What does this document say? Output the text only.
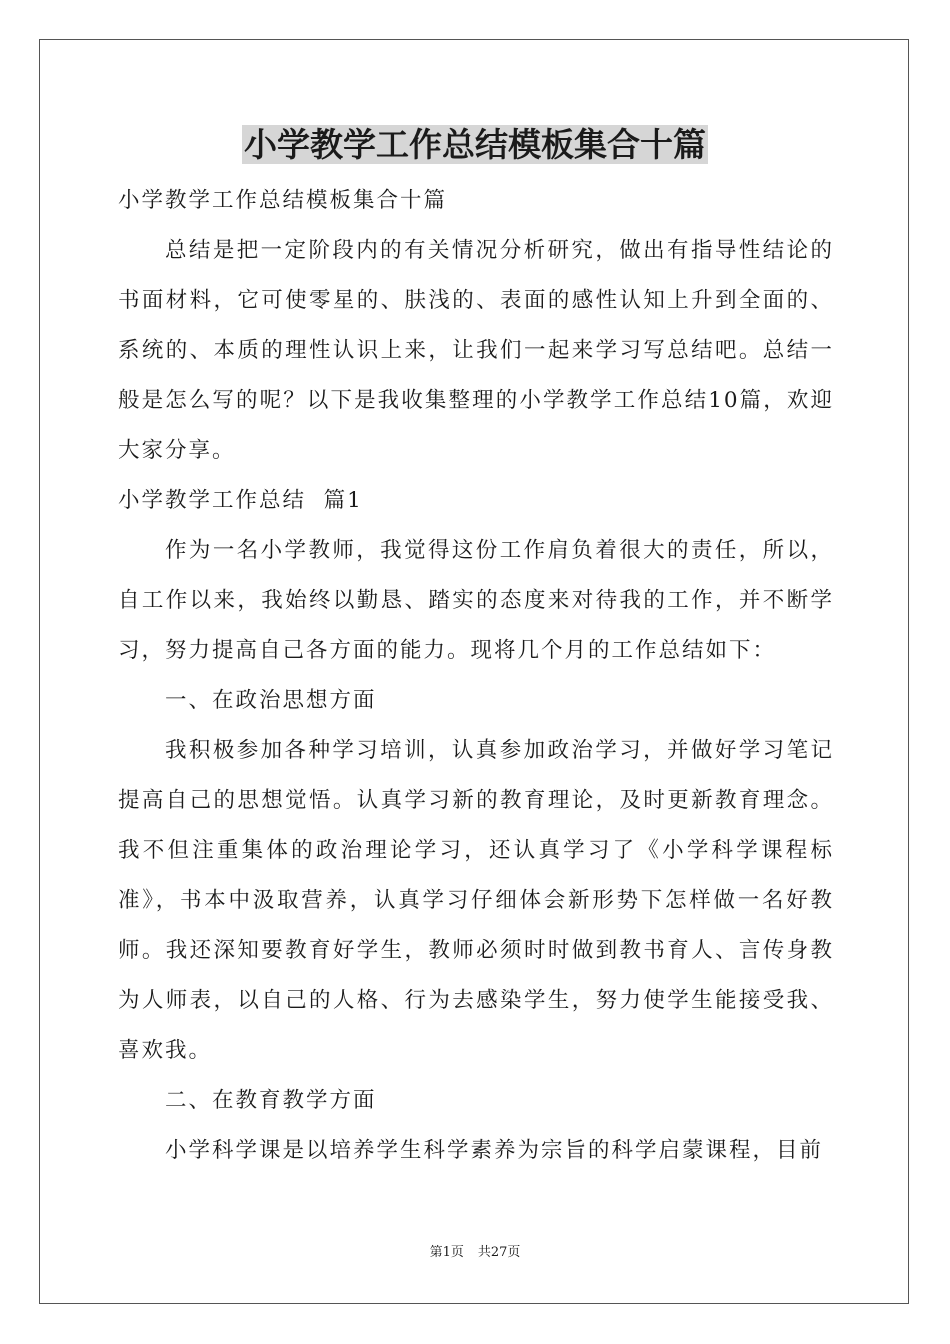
小学教学工作总结模板集合十篇
小学教学工作总结模板集合十篇
总结是把一定阶段内的有关情况分析研究，做出有指导性结论的书面材料，它可使零星的、肤浅的、表面的感性认知上升到全面的、系统的、本质的理性认识上来，让我们一起来学习写总结吧。总结一般是怎么写的呢？以下是我收集整理的小学教学工作总结10篇，欢迎大家分享。
小学教学工作总结  篇1
作为一名小学教师，我觉得这份工作肩负着很大的责任，所以，自工作以来，我始终以勤恳、踏实的态度来对待我的工作，并不断学习，努力提高自己各方面的能力。现将几个月的工作总结如下：
一、在政治思想方面
我积极参加各种学习培训，认真参加政治学习，并做好学习笔记提高自己的思想觉悟。认真学习新的教育理论，及时更新教育理念。我不但注重集体的政治理论学习，还认真学习了《小学科学课程标准》，书本中汲取营养，认真学习仔细体会新形势下怎样做一名好教师。我还深知要教育好学生，教师必须时时做到教书育人、言传身教为人师表，以自己的人格、行为去感染学生，努力使学生能接受我、喜欢我。
二、在教育教学方面
小学科学课是以培养学生科学素养为宗旨的科学启蒙课程，目前
第1页 共27页
